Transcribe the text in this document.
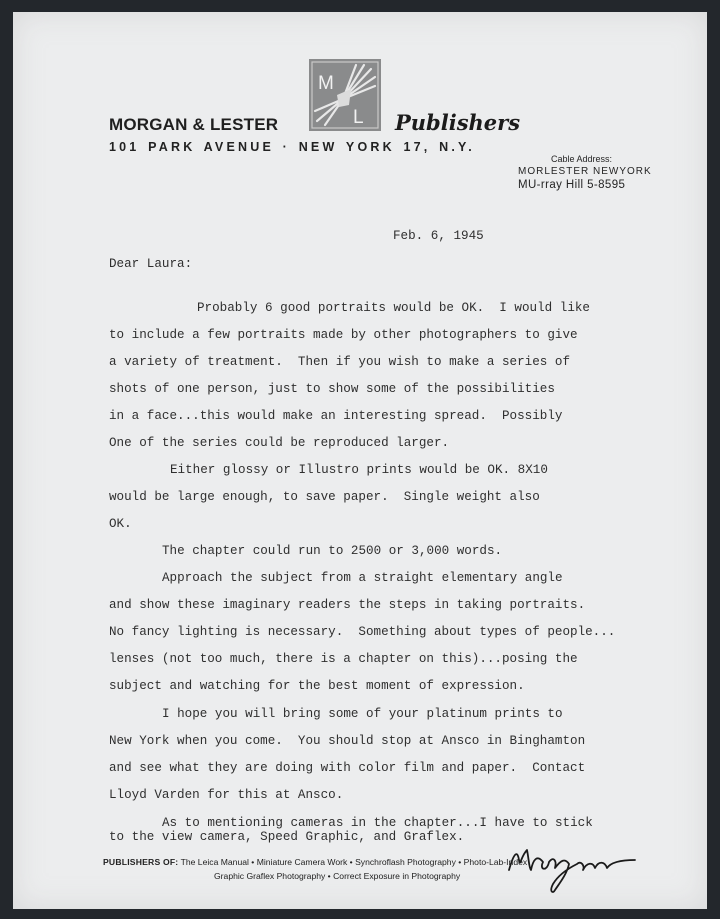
M
L
MORGAN & LESTER	Publishers
101 PARK AVENUE · NEW YORK 17, N.Y.
Cable Address:
MORLESTER NEWYORK
MU-rray Hill 5-8595
Feb. 6, 1945
Dear Laura:
Probably 6 good portraits would be OK.  I would like
to include a few portraits made by other photographers to give
a variety of treatment.  Then if you wish to make a series of
shots of one person, just to show some of the possibilities
in a face...this would make an interesting spread.  Possibly
One of the series could be reproduced larger.
Either glossy or Illustro prints would be OK. 8X10
would be large enough, to save paper.  Single weight also
OK.
The chapter could run to 2500 or 3,000 words.
Approach the subject from a straight elementary angle
and show these imaginary readers the steps in taking portraits.
No fancy lighting is necessary.  Something about types of people...
lenses (not too much, there is a chapter on this)...posing the
subject and watching for the best moment of expression.
I hope you will bring some of your platinum prints to
New York when you come.  You should stop at Ansco in Binghamton
and see what they are doing with color film and paper.  Contact
Lloyd Varden for this at Ansco.
As to mentioning cameras in the chapter...I have to stick
to the view camera, Speed Graphic, and Graflex.
PUBLISHERS OF: The Leica Manual • Miniature Camera Work • Synchroflash Photography • Photo-Lab-Index
Graphic Graflex Photography • Correct Exposure in Photography
